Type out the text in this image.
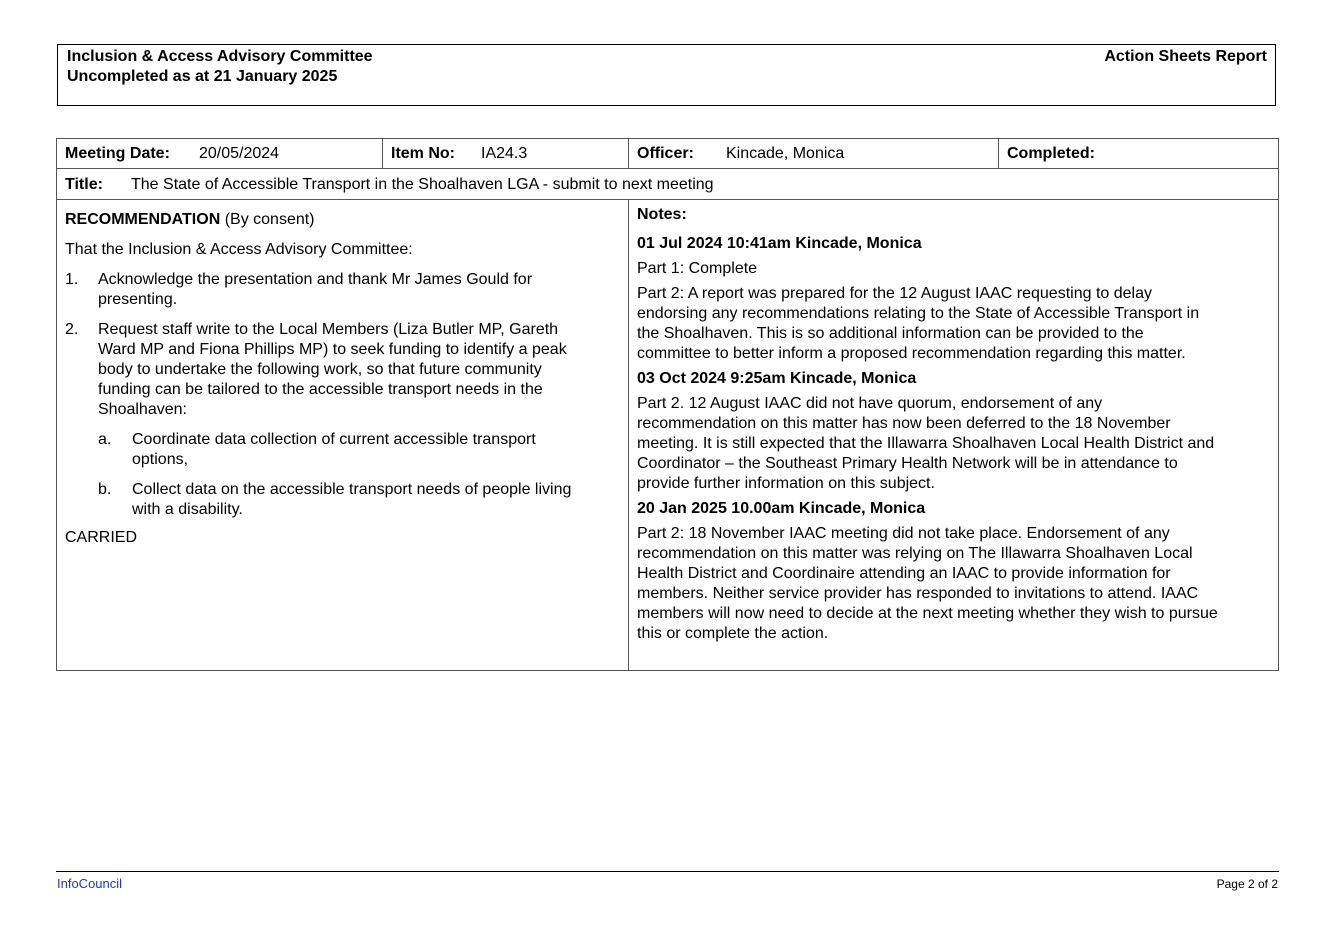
Inclusion & Access Advisory Committee
Uncompleted as at 21 January 2025
Action Sheets Report
Meeting Date: 20/05/2024	Item No: IA24.3	Officer: Kincade, Monica	Completed:
Title: The State of Accessible Transport in the Shoalhaven LGA - submit to next meeting
RECOMMENDATION (By consent)
That the Inclusion & Access Advisory Committee:
1. Acknowledge the presentation and thank Mr James Gould for
presenting.
2. Request staff write to the Local Members (Liza Butler MP, Gareth
Ward MP and Fiona Phillips MP) to seek funding to identify a peak
body to undertake the following work, so that future community
funding can be tailored to the accessible transport needs in the
Shoalhaven:
a. Coordinate data collection of current accessible transport
options,
b. Collect data on the accessible transport needs of people living
with a disability.
CARRIED
Notes:
01 Jul 2024 10:41am Kincade, Monica
Part 1: Complete
Part 2: A report was prepared for the 12 August IAAC requesting to delay
endorsing any recommendations relating to the State of Accessible Transport in
the Shoalhaven. This is so additional information can be provided to the
committee to better inform a proposed recommendation regarding this matter.
03 Oct 2024 9:25am Kincade, Monica
Part 2. 12 August IAAC did not have quorum, endorsement of any
recommendation on this matter has now been deferred to the 18 November
meeting. It is still expected that the Illawarra Shoalhaven Local Health District and
Coordinator – the Southeast Primary Health Network will be in attendance to
provide further information on this subject.
20 Jan 2025 10.00am Kincade, Monica
Part 2: 18 November IAAC meeting did not take place. Endorsement of any
recommendation on this matter was relying on The Illawarra Shoalhaven Local
Health District and Coordinaire attending an IAAC to provide information for
members. Neither service provider has responded to invitations to attend. IAAC
members will now need to decide at the next meeting whether they wish to pursue
this or complete the action.
InfoCouncil	Page 2 of 2
